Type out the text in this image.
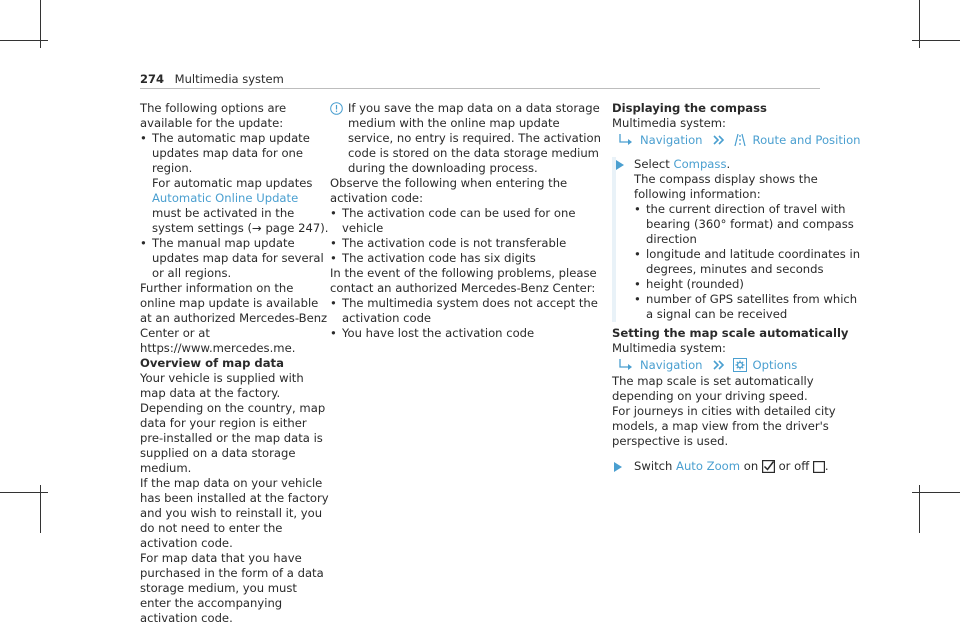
274 Multimedia system

The following options are available for the update:

• The automatic map update updates map data for one region.

For automatic map updates Automatic Online Update must be activated in the system settings (→ page 247).

• The manual map update updates map data for several or all regions.

Further information on the online map update is available at an authorized Mercedes-Benz Center or at https://www.mercedes.me.

Overview of map data

Your vehicle is supplied with map data at the factory. Depending on the country, map data for your region is either pre-installed or the map data is supplied on a data storage medium.

If the map data on your vehicle has been installed at the factory and you wish to reinstall it, you do not need to enter the activation code.

For map data that you have purchased in the form of a data storage medium, you must enter the accompanying activation code.

If you save the map data on a data storage medium with the online map update service, no entry is required. The activation code is stored on the data storage medium during the downloading process.

Observe the following when entering the activation code:

• The activation code can be used for one vehicle

• The activation code is not transferable

• The activation code has six digits

In the event of the following problems, please contact an authorized Mercedes-Benz Center:

• The multimedia system does not accept the activation code

• You have lost the activation code

Displaying the compass

Multimedia system:

Navigation	Route and Position
Select Compass.

The compass display shows the following information:

• the current direction of travel with bearing (360° format) and compass direction

• longitude and latitude coordinates in degrees, minutes and seconds

• height (rounded)

• number of GPS satellites from which a signal can be received

Setting the map scale automatically

Multimedia system:

Navigation	Options

The map scale is set automatically depending on your driving speed.

For journeys in cities with detailed city models, a map view from the driver's perspective is used.

Switch Auto Zoom on or off .
